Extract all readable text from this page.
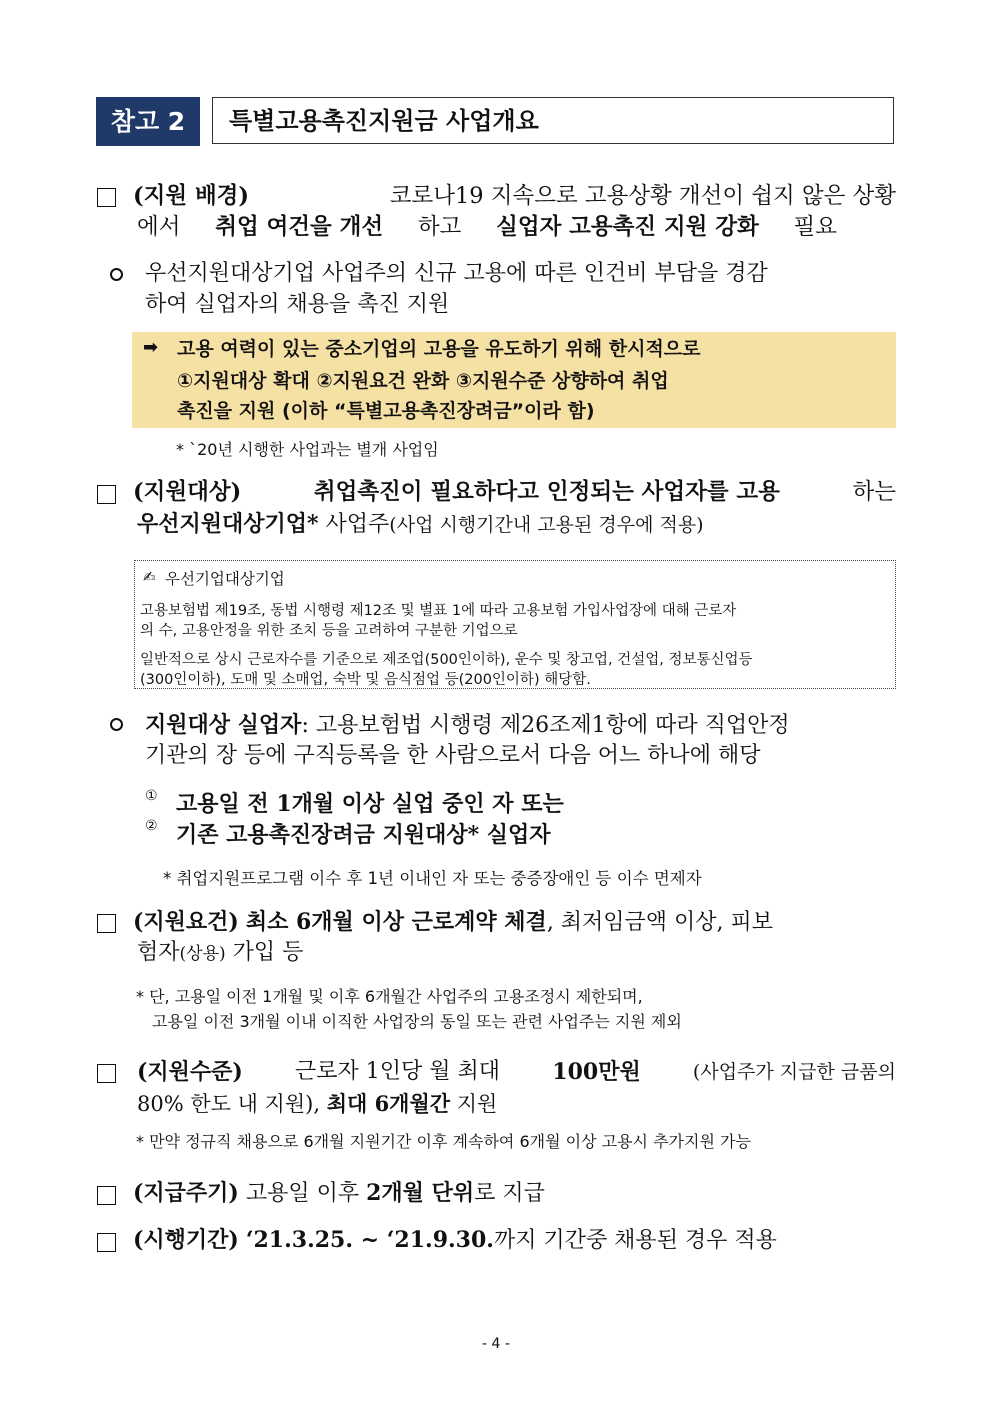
참고 2	특별고용촉진지원금 사업개요
(지원 배경)	코로나19 지속으로 고용상황 개선이 쉽지 않은 상황
에서 취업 여건을 개선 하고 실업자 고용촉진 지원 강화 필요
우선지원대상기업 사업주의 신규 고용에 따른 인건비 부담을 경감
하여 실업자의 채용을 촉진 지원
➡ 고용 여력이 있는 중소기업의 고용을 유도하기 위해 한시적으로
①지원대상 확대 ②지원요건 완화 ③지원수준 상향하여 취업
촉진을 지원 (이하 “특별고용촉진장려금”이라 함)
* `20년 시행한 사업과는 별개 사업임
(지원대상)	취업촉진이 필요하다고 인정되는 사업자를 고용	하는
우선지원대상기업* 사업주(사업 시행기간내 고용된 경우에 적용)
✍ 우선기업대상기업
고용보험법 제19조, 동법 시행령 제12조 및 별표 1에 따라 고용보험 가입사업장에 대해 근로자
의 수, 고용안정을 위한 조치 등을 고려하여 구분한 기업으로
일반적으로 상시 근로자수를 기준으로 제조업(500인이하), 운수 및 창고업, 건설업, 정보통신업등
(300인이하), 도매 및 소매업, 숙박 및 음식점업 등(200인이하) 해당함.
지원대상 실업자: 고용보험법 시행령 제26조제1항에 따라 직업안정
기관의 장 등에 구직등록을 한 사람으로서 다음 어느 하나에 해당
① 고용일 전 1개월 이상 실업 중인 자 또는
② 기존 고용촉진장려금 지원대상* 실업자
* 취업지원프로그램 이수 후 1년 이내인 자 또는 중증장애인 등 이수 면제자
(지원요건) 최소 6개월 이상 근로계약 체결, 최저임금액 이상, 피보
험자(상용) 가입 등
* 단, 고용일 이전 1개월 및 이후 6개월간 사업주의 고용조정시 제한되며,
고용일 이전 3개월 이내 이직한 사업장의 동일 또는 관련 사업주는 지원 제외
(지원수준) 근로자 1인당 월 최대 100만원	(사업주가 지급한 금품의
80% 한도 내 지원), 최대 6개월간 지원
* 만약 정규직 채용으로 6개월 지원기간 이후 계속하여 6개월 이상 고용시 추가지원 가능
(지급주기) 고용일 이후 2개월 단위로 지급
(시행기간) ‘21.3.25. ~ ‘21.9.30.까지 기간중 채용된 경우 적용
- 4 -
